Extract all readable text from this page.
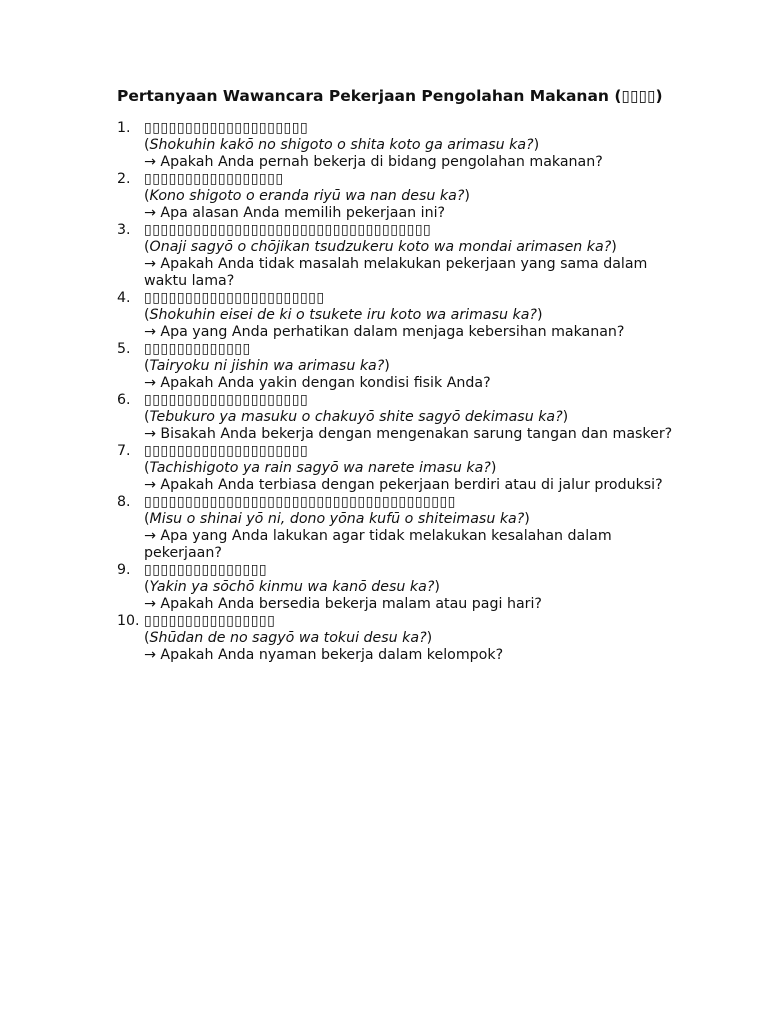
Pertanyaan Wawancara Pekerjaan Pengolahan Makanan (▯▯▯▯)
1. ▯▯▯▯▯▯▯▯▯▯▯▯▯▯▯▯▯▯▯▯
(Shokuhin kakō no shigoto o shita koto ga arimasu ka?)
→ Apakah Anda pernah bekerja di bidang pengolahan makanan?
2. ▯▯▯▯▯▯▯▯▯▯▯▯▯▯▯▯▯
(Kono shigoto o eranda riyū wa nan desu ka?)
→ Apa alasan Anda memilih pekerjaan ini?
3. ▯▯▯▯▯▯▯▯▯▯▯▯▯▯▯▯▯▯▯▯▯▯▯▯▯▯▯▯▯▯▯▯▯▯▯
(Onaji sagyō o chōjikan tsudzukeru koto wa mondai arimasen ka?)
→ Apakah Anda tidak masalah melakukan pekerjaan yang sama dalam waktu lama?
4. ▯▯▯▯▯▯▯▯▯▯▯▯▯▯▯▯▯▯▯▯▯▯
(Shokuhin eisei de ki o tsukete iru koto wa arimasu ka?)
→ Apa yang Anda perhatikan dalam menjaga kebersihan makanan?
5. ▯▯▯▯▯▯▯▯▯▯▯▯▯
(Tairyoku ni jishin wa arimasu ka?)
→ Apakah Anda yakin dengan kondisi fisik Anda?
6. ▯▯▯▯▯▯▯▯▯▯▯▯▯▯▯▯▯▯▯▯
(Tebukuro ya masuku o chakuyō shite sagyō dekimasu ka?)
→ Bisakah Anda bekerja dengan mengenakan sarung tangan dan masker?
7. ▯▯▯▯▯▯▯▯▯▯▯▯▯▯▯▯▯▯▯▯
(Tachishigoto ya rain sagyō wa narete imasu ka?)
→ Apakah Anda terbiasa dengan pekerjaan berdiri atau di jalur produksi?
8. ▯▯▯▯▯▯▯▯▯▯▯▯▯▯▯▯▯▯▯▯▯▯▯▯▯▯▯▯▯▯▯▯▯▯▯▯▯▯
(Misu o shinai yō ni, dono yōna kufū o shiteimasu ka?)
→ Apa yang Anda lakukan agar tidak melakukan kesalahan dalam pekerjaan?
9. ▯▯▯▯▯▯▯▯▯▯▯▯▯▯▯
(Yakin ya sōchō kinmu wa kanō desu ka?)
→ Apakah Anda bersedia bekerja malam atau pagi hari?
10. ▯▯▯▯▯▯▯▯▯▯▯▯▯▯▯▯
(Shūdan de no sagyō wa tokui desu ka?)
→ Apakah Anda nyaman bekerja dalam kelompok?
